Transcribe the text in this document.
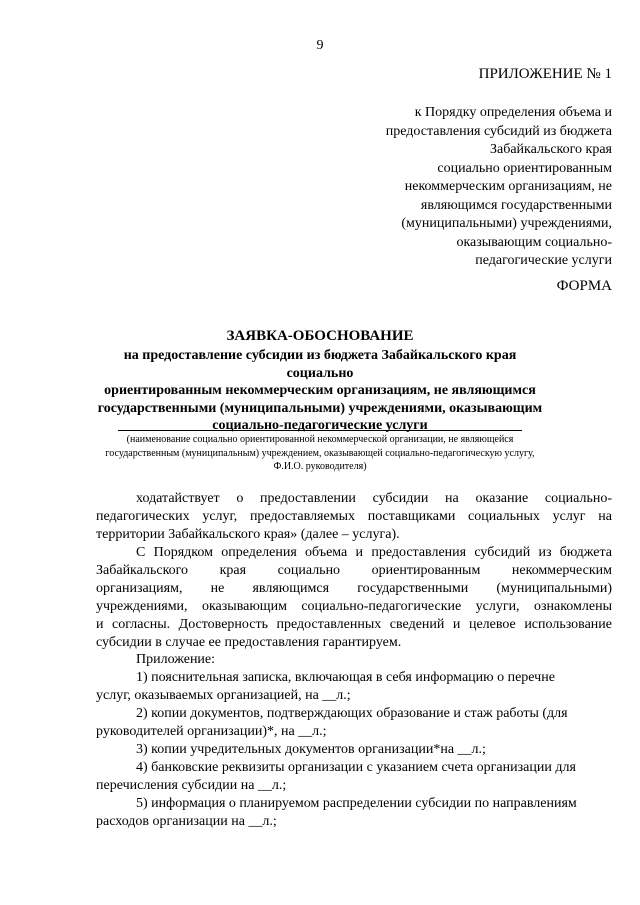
9
ПРИЛОЖЕНИЕ № 1
к Порядку определения объема и
предоставления субсидий из бюджета
Забайкальского края
социально ориентированным
некоммерческим организациям, не
являющимся государственными
(муниципальными) учреждениями,
оказывающим социально-
педагогические услуги
ФОРМА
ЗАЯВКА-ОБОСНОВАНИЕ
на предоставление субсидии из бюджета Забайкальского края социально
ориентированным некоммерческим организациям, не являющимся
государственными (муниципальными) учреждениями, оказывающим
социально-педагогические услуги
(наименование социально ориентированной некоммерческой организации, не являющейся
государственным (муниципальным) учреждением, оказывающей социально-педагогическую услугу,
Ф.И.О. руководителя)
ходатайствует о предоставлении субсидии на оказание социально-
педагогических услуг, предоставляемых поставщиками социальных услуг на
территории Забайкальского края» (далее – услуга).
С Порядком определения объема и предоставления субсидий из бюджета
Забайкальского края социально ориентированным некоммерческим
организациям, не являющимся государственными (муниципальными)
учреждениями, оказывающим социально-педагогические услуги, ознакомлены
и согласны. Достоверность предоставленных сведений и целевое использование
субсидии в случае ее предоставления гарантируем.
Приложение:
1) пояснительная записка, включающая в себя информацию о перечне
услуг, оказываемых организацией, на __л.;
2) копии документов, подтверждающих образование и стаж работы (для
руководителей организации)*, на __л.;
3) копии учредительных документов организации*на __л.;
4) банковские реквизиты организации с указанием счета организации для
перечисления субсидии на __л.;
5) информация о планируемом распределении субсидии по направлениям
расходов организации на __л.;
